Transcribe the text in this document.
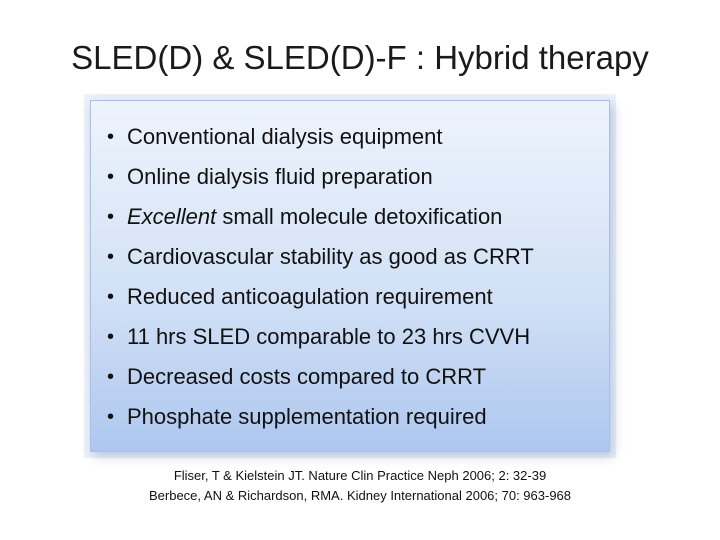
SLED(D) & SLED(D)-F : Hybrid therapy
• Conventional dialysis equipment
• Online dialysis fluid preparation
• Excellent small molecule detoxification
• Cardiovascular stability as good as CRRT
• Reduced anticoagulation requirement
• 11 hrs SLED comparable to 23 hrs CVVH
• Decreased costs compared to CRRT
• Phosphate supplementation required
Fliser, T & Kielstein JT. Nature Clin Practice Neph 2006; 2: 32-39
Berbece, AN & Richardson, RMA. Kidney International 2006; 70: 963-968
